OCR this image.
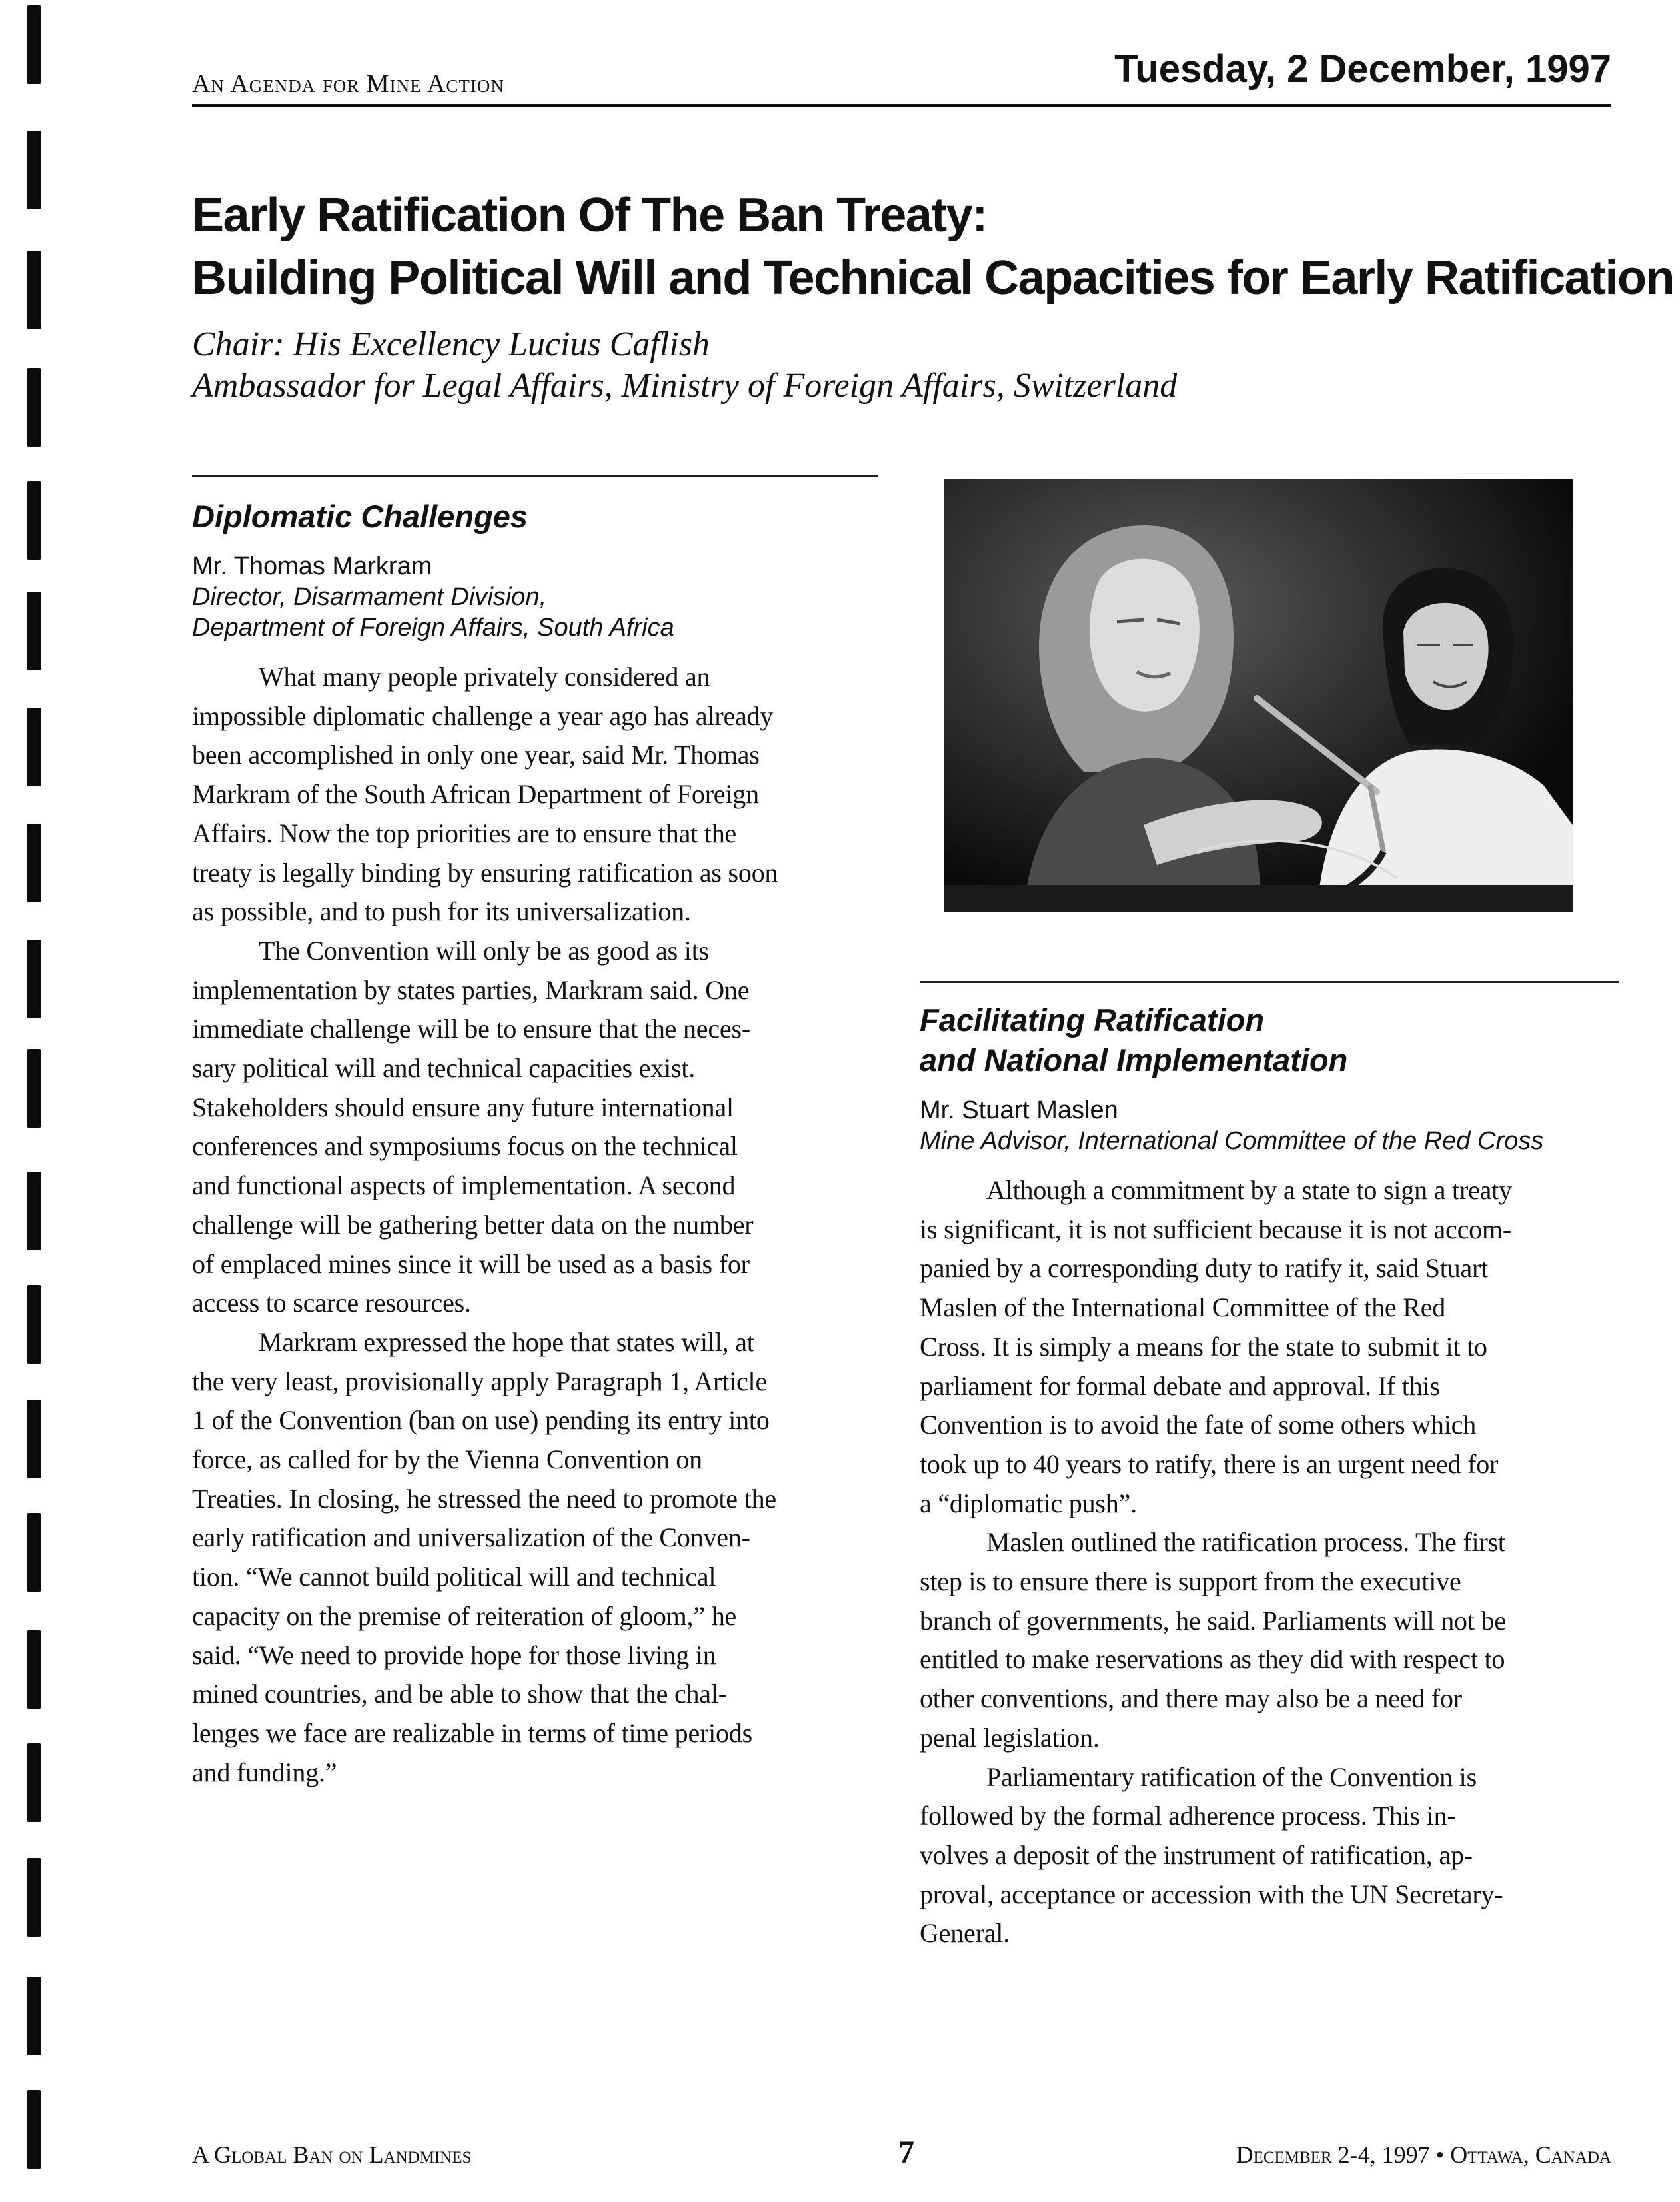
An Agenda for Mine Action	Tuesday, 2 December, 1997
Early Ratification Of The Ban Treaty:
Building Political Will and Technical Capacities for Early Ratification
Chair: His Excellency Lucius Caflish
Ambassador for Legal Affairs, Ministry of Foreign Affairs, Switzerland
Diplomatic Challenges
Mr. Thomas Markram
Director, Disarmament Division,
Department of Foreign Affairs, South Africa
What many people privately considered an
impossible diplomatic challenge a year ago has already
been accomplished in only one year, said Mr. Thomas
Markram of the South African Department of Foreign
Affairs. Now the top priorities are to ensure that the
treaty is legally binding by ensuring ratification as soon
as possible, and to push for its universalization.
The Convention will only be as good as its
implementation by states parties, Markram said. One
immediate challenge will be to ensure that the neces-
sary political will and technical capacities exist.
Stakeholders should ensure any future international
conferences and symposiums focus on the technical
and functional aspects of implementation. A second
challenge will be gathering better data on the number
of emplaced mines since it will be used as a basis for
access to scarce resources.
Markram expressed the hope that states will, at
the very least, provisionally apply Paragraph 1, Article
1 of the Convention (ban on use) pending its entry into
force, as called for by the Vienna Convention on
Treaties. In closing, he stressed the need to promote the
early ratification and universalization of the Conven-
tion. “We cannot build political will and technical
capacity on the premise of reiteration of gloom,” he
said. “We need to provide hope for those living in
mined countries, and be able to show that the chal-
lenges we face are realizable in terms of time periods
and funding.”
Facilitating Ratification
and National Implementation
Mr. Stuart Maslen
Mine Advisor, International Committee of the Red Cross
Although a commitment by a state to sign a treaty
is significant, it is not sufficient because it is not accom-
panied by a corresponding duty to ratify it, said Stuart
Maslen of the International Committee of the Red
Cross. It is simply a means for the state to submit it to
parliament for formal debate and approval. If this
Convention is to avoid the fate of some others which
took up to 40 years to ratify, there is an urgent need for
a “diplomatic push”.
Maslen outlined the ratification process. The first
step is to ensure there is support from the executive
branch of governments, he said. Parliaments will not be
entitled to make reservations as they did with respect to
other conventions, and there may also be a need for
penal legislation.
Parliamentary ratification of the Convention is
followed by the formal adherence process. This in-
volves a deposit of the instrument of ratification, ap-
proval, acceptance or accession with the UN Secretary-
General.
A Global Ban on Landmines	7	December 2-4, 1997 • Ottawa, Canada
